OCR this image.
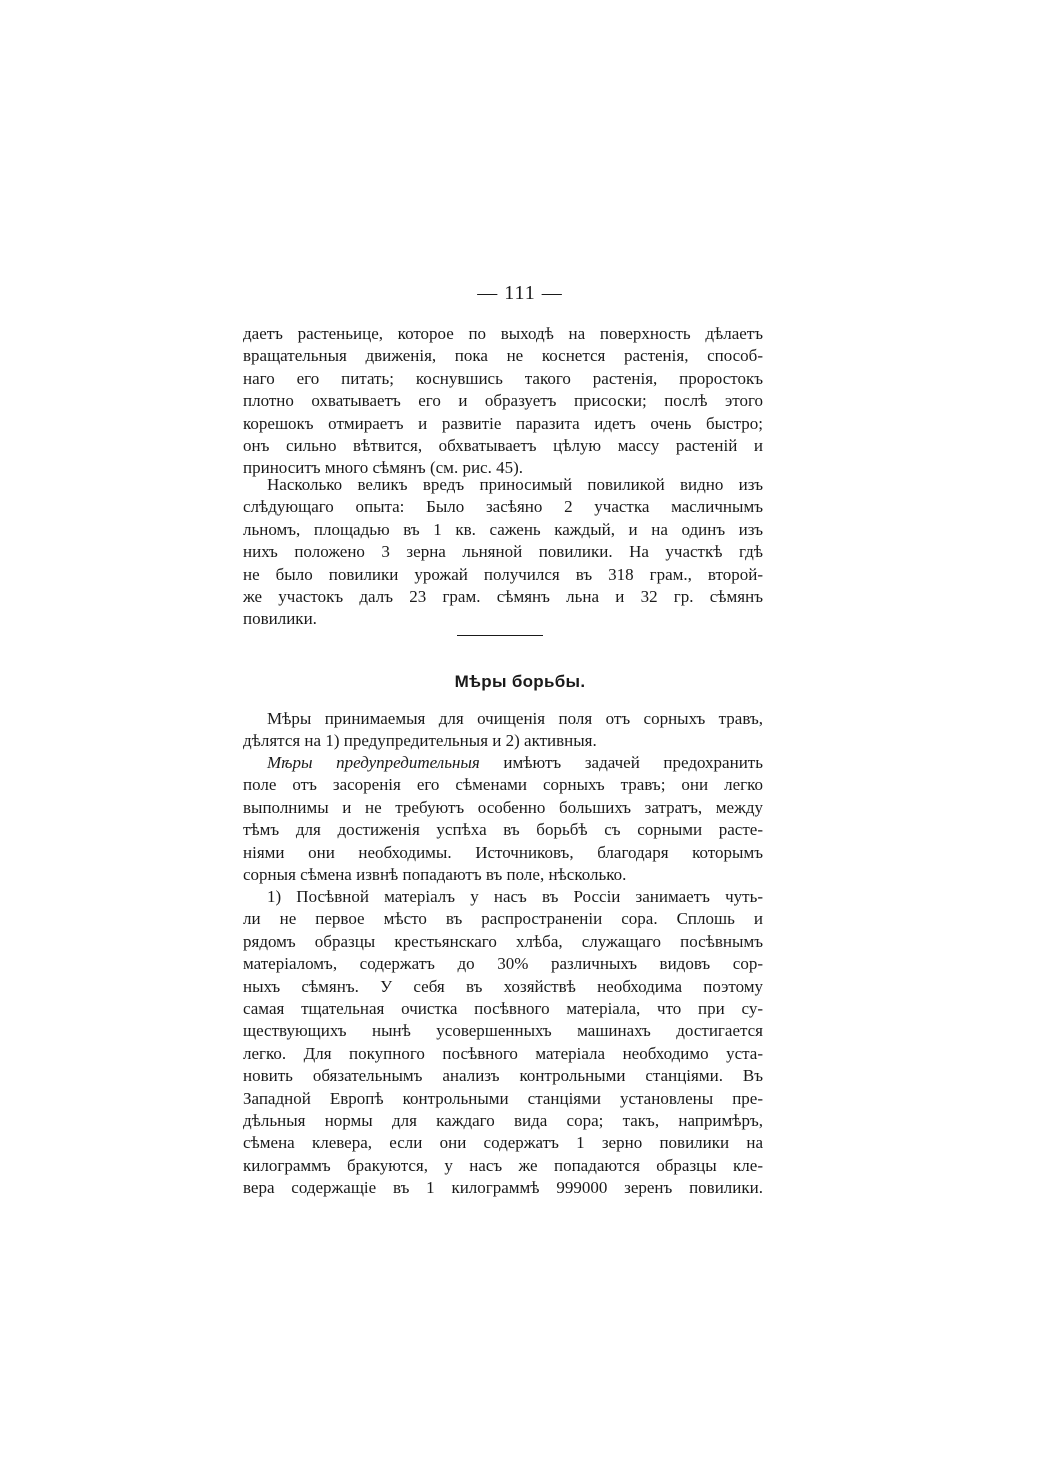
— 111 —
даетъ растеньице, которое по выходѣ на поверхность дѣлаетъ
вращательныя движенія, пока не коснется растенія, способ-
наго его питать; коснувшись такого растенія, проростокъ
плотно охватываетъ его и образуетъ присоски; послѣ этого
корешокъ отмираетъ и развитіе паразита идетъ очень быстро;
онъ сильно вѣтвится, обхватываетъ цѣлую массу растеній и
приноситъ много сѣмянъ (см. рис. 45).
Насколько великъ вредъ приносимый повиликой видно изъ
слѣдующаго опыта: Было засѣяно 2 участка масличнымъ
льномъ, площадью въ 1 кв. сажень каждый, и на одинъ изъ
нихъ положено 3 зерна льняной повилики. На участкѣ гдѣ
не было повилики урожай получился въ 318 грам., второй-
же участокъ далъ 23 грам. сѣмянъ льна и 32 гр. сѣмянъ
повилики.
Мѣры борьбы.
Мѣры принимаемыя для очищенія поля отъ сорныхъ травъ,
дѣлятся на 1) предупредительныя и 2) активныя.
Мѣры предупредительныя имѣютъ задачей предохранить
поле отъ засоренія его сѣменами сорныхъ травъ; они легко
выполнимы и не требуютъ особенно большихъ затратъ, между
тѣмъ для достиженія успѣха въ борьбѣ съ сорными расте-
ніями они необходимы. Источниковъ, благодаря которымъ
сорныя сѣмена извнѣ попадаютъ въ поле, нѣсколько.
1) Посѣвной матеріалъ у насъ въ Россіи занимаетъ чуть-
ли не первое мѣсто въ распространеніи сора. Сплошь и
рядомъ образцы крестьянскаго хлѣба, служащаго посѣвнымъ
матеріаломъ, содержатъ до 30% различныхъ видовъ сор-
ныхъ сѣмянъ. У себя въ хозяйствѣ необходима поэтому
самая тщательная очистка посѣвного матеріала, что при су-
ществующихъ нынѣ усовершенныхъ машинахъ достигается
легко. Для покупного посѣвного матеріала необходимо уста-
новить обязательнымъ анализъ контрольными станціями. Въ
Западной Европѣ контрольными станціями установлены пре-
дѣльныя нормы для каждаго вида сора; такъ, напримѣръ,
сѣмена клевера, если они содержатъ 1 зерно повилики на
килограммъ бракуются, у насъ же попадаются образцы кле-
вера содержащіе въ 1 килограммѣ 999000 зеренъ повилики.
